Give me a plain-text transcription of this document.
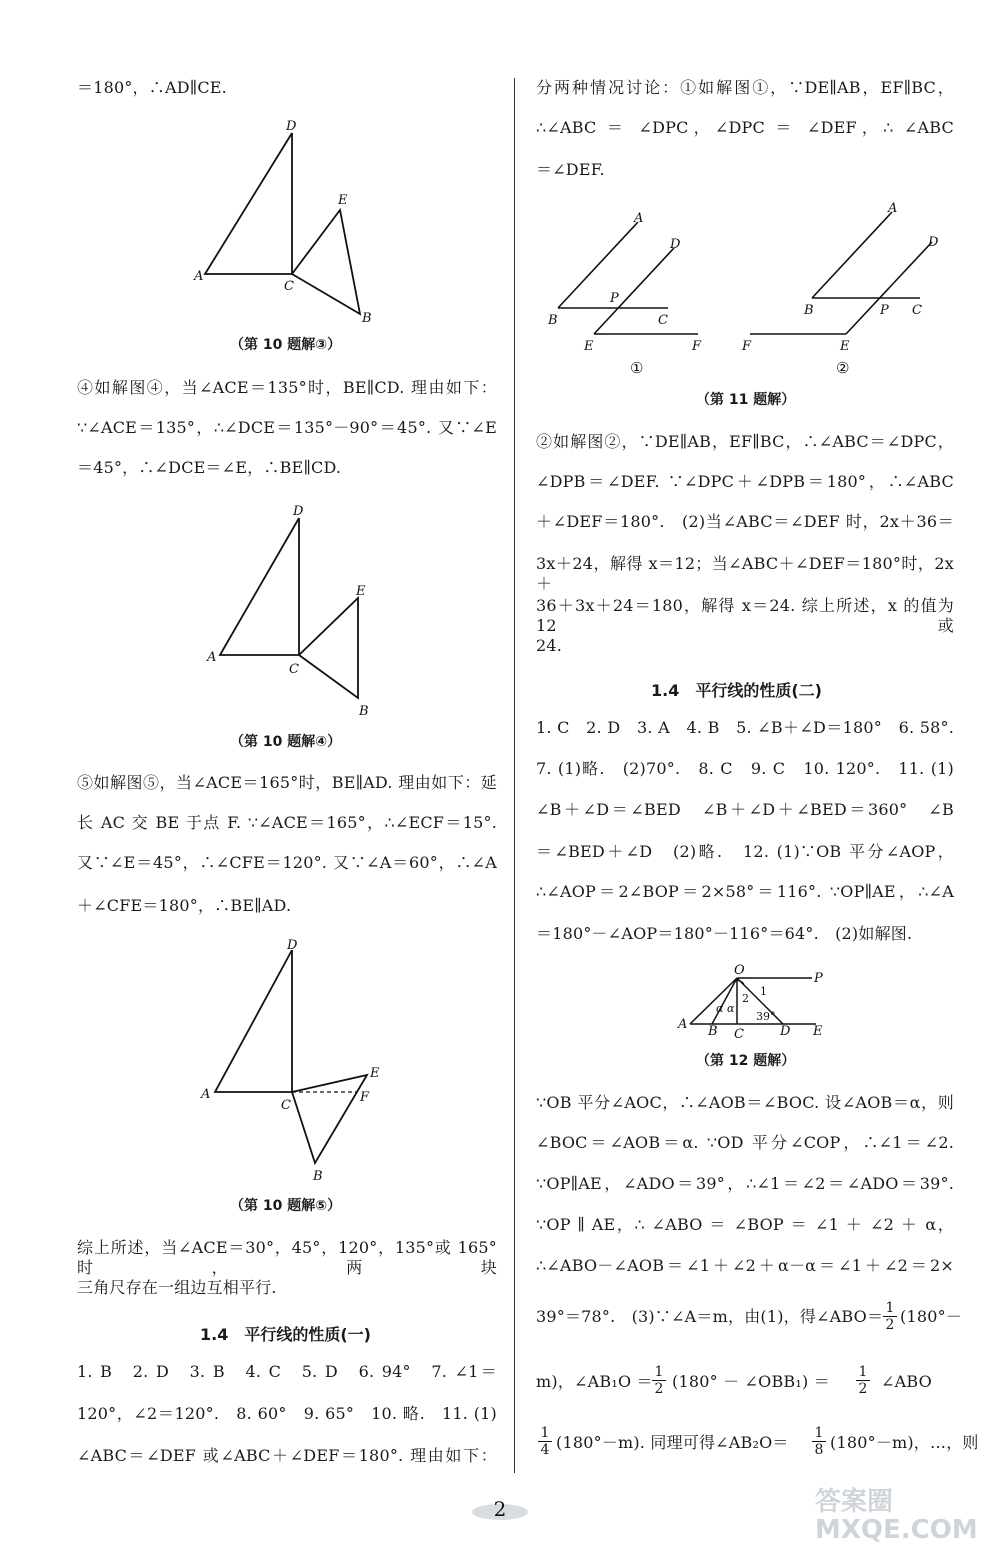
＝180°，∴AD∥CE.
D
A
C
E
B
（第 10 题解③）
④如解图④，当∠ACE＝135°时，BE∥CD. 理由如下：
∵∠ACE＝135°，∴∠DCE＝135°－90°＝45°. 又∵∠E
＝45°，∴∠DCE＝∠E，∴BE∥CD.
D
A
C
E
B
（第 10 题解④）
⑤如解图⑤，当∠ACE＝165°时，BE∥AD. 理由如下：延
长 AC 交 BE 于点 F. ∵∠ACE＝165°，∴∠ECF＝15°.
又∵∠E＝45°，∴∠CFE＝120°. 又∵∠A＝60°，∴∠A
＋∠CFE＝180°，∴BE∥AD.
D
A
C
E
F
B
（第 10 题解⑤）
综上所述，当∠ACE＝30°，45°，120°，135°或 165°时，两块
三角尺存在一组边互相平行.
1.4　平行线的性质(一)
1. B　2. D　3. B　4. C　5. D　6. 94°　7. ∠1＝
120°，∠2＝120°.　8. 60°　9. 65°　10. 略.　11. (1)
∠ABC＝∠DEF 或∠ABC＋∠DEF＝180°. 理由如下：
分两种情况讨论：①如解图①，∵DE∥AB，EF∥BC，
∴∠ABC ＝ ∠DPC，∠DPC ＝ ∠DEF，∴ ∠ABC
＝∠DEF.
A
D
P
B	C
E	F
①
A
D
B	P C
F	E
②
（第 11 题解）
②如解图②，∵DE∥AB，EF∥BC，∴∠ABC＝∠DPC，
∠DPB＝∠DEF. ∵∠DPC＋∠DPB＝180°，∴∠ABC
＋∠DEF＝180°.　(2)当∠ABC＝∠DEF 时，2x＋36＝
3x＋24，解得 x＝12；当∠ABC＋∠DEF＝180°时，2x＋
36＋3x＋24＝180，解得 x＝24. 综上所述，x 的值为 12 或
24.
1.4　平行线的性质(二)
1. C　2. D　3. A　4. B　5. ∠B＋∠D＝180°　6. 58°.
7. (1)略.　(2)70°.　8. C　9. C　10. 120°.　11. (1)
∠B＋∠D＝∠BED　∠B＋∠D＋∠BED＝360°　∠B
＝∠BED＋∠D　(2)略.　12. (1)∵OB 平分∠AOP，
∴∠AOP＝2∠BOP＝2×58°＝116°. ∵OP∥AE，∴∠A
＝180°－∠AOP＝180°－116°＝64°.　(2)如解图.
O
P
A B C	D E
α α
2
1
39°
（第 12 题解）
∵OB 平分∠AOC，∴∠AOB＝∠BOC. 设∠AOB＝α，则
∠BOC＝∠AOB＝α. ∵OD 平分∠COP，∴∠1＝∠2.
∵OP∥AE，∠ADO＝39°，∴∠1＝∠2＝∠ADO＝39°.
∵OP ∥ AE，∴ ∠ABO ＝ ∠BOP ＝ ∠1 ＋ ∠2 ＋ α，
∴∠ABO－∠AOB＝∠1＋∠2＋α－α＝∠1＋∠2＝2×
39°＝78°.　(3)∵∠A＝m，由(1)，得∠ABO＝ 1
2 (180°－
m)，∠AB₁O ＝ 1
2 (180° － ∠OBB₁) ＝ 1
2 ∠ABO
1
4 (180°－m). 同理可得∠AB₂O＝ 1
8 (180°－m)，…，则
2	答案圈 MXQE.COM
